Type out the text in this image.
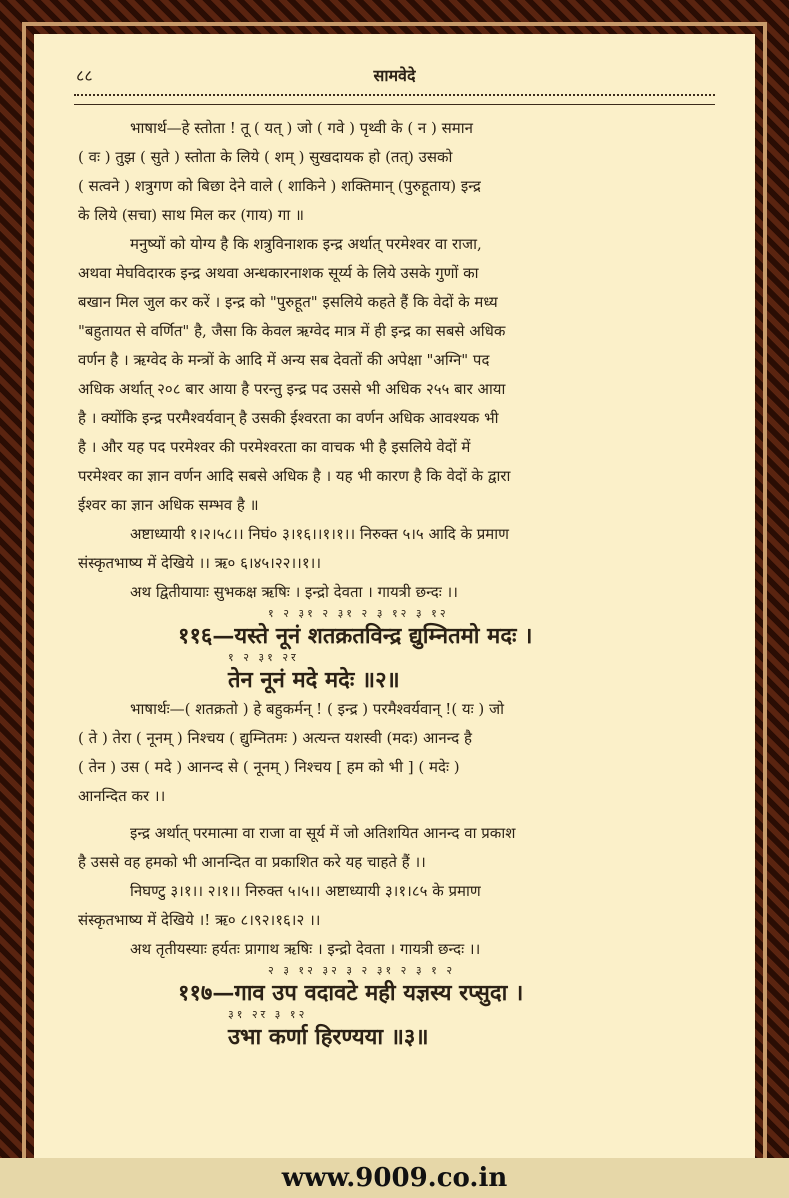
८८	सामवेदे
भाषार्थ—हे स्तोता ! तू ( यत् ) जो ( गवे ) पृथ्वी के ( न ) समान
( वः ) तुझ ( सुते ) स्तोता के लिये ( शम् ) सुखदायक हो (तत्) उसको
( सत्वने ) शत्रुगण को बिछा देने वाले ( शाकिने ) शक्तिमान् (पुरुहूताय) इन्द्र
के लिये (सचा) साथ मिल कर (गाय) गा ॥
मनुष्यों को योग्य है कि शत्रुविनाशक इन्द्र अर्थात् परमेश्वर वा राजा,
अथवा मेघविदारक इन्द्र अथवा अन्धकारनाशक सूर्य्य के लिये उसके गुणों का
बखान मिल जुल कर करें । इन्द्र को "पुरुहूत" इसलिये कहते हैं कि वेदों के मध्य
"बहुतायत से वर्णित" है, जैसा कि केवल ऋग्वेद मात्र में ही इन्द्र का सबसे अधिक
वर्णन है । ऋग्वेद के मन्त्रों के आदि में अन्य सब देवतों की अपेक्षा "अग्नि" पद
अधिक अर्थात् २०८ बार आया है परन्तु इन्द्र पद उससे भी अधिक २५५ बार आया
है । क्योंकि इन्द्र परमैश्वर्यवान् है उसकी ईश्वरता का वर्णन अधिक आवश्यक भी
है । और यह पद परमेश्वर की परमेश्वरता का वाचक भी है इसलिये वेदों में
परमेश्वर का ज्ञान वर्णन आदि सबसे अधिक है । यह भी कारण है कि वेदों के द्वारा
ईश्वर का ज्ञान अधिक सम्भव है ॥
अष्टाध्यायी १।२।५८।। निघं० ३।१६।।१।१।। निरुक्त ५।५ आदि के प्रमाण
संस्कृतभाष्य में देखिये ।। ऋ० ६।४५।२२।।१।।
अथ द्वितीयायाः सुभकक्ष ऋषिः । इन्द्रो देवता । गायत्री छन्दः ।।
१ २ ३१ २ ३१ २ ३ १२ ३ १२
११६—यस्ते नूनं शतक्रतविन्द्र द्युम्नितमो मदः ।
१ २ ३१ २र
तेन नूनं मदे मदेः ॥२॥
भाषार्थः—( शतक्रतो ) हे बहुकर्मन् ! ( इन्द्र ) परमैश्वर्यवान् !( यः ) जो
( ते ) तेरा ( नूनम् ) निश्चय ( द्युम्नितमः ) अत्यन्त यशस्वी (मदः) आनन्द है
( तेन ) उस ( मदे ) आनन्द से ( नूनम् ) निश्चय [ हम को भी ] ( मदेः )
आनन्दित कर ।।
इन्द्र अर्थात् परमात्मा वा राजा वा सूर्य में जो अतिशयित आनन्द वा प्रकाश
है उससे वह हमको भी आनन्दित वा प्रकाशित करे यह चाहते हैं ।।
निघण्टु ३।१।। २।१।। निरुक्त ५।५।। अष्टाध्यायी ३।१।८५ के प्रमाण
संस्कृतभाष्य में देखिये ।! ऋ० ८।९२।१६।२ ।।
अथ तृतीयस्याः हर्यतः प्रागाथ ऋषिः । इन्द्रो देवता । गायत्री छन्दः ।।
२ ३ १२ ३२ ३ २ ३१ २ ३ १ २
११७—गाव उप वदावटे मही यज्ञस्य रप्सुदा ।
३१ २र ३ १२
उभा कर्णा हिरण्यया ॥३॥
www.9009.co.in
